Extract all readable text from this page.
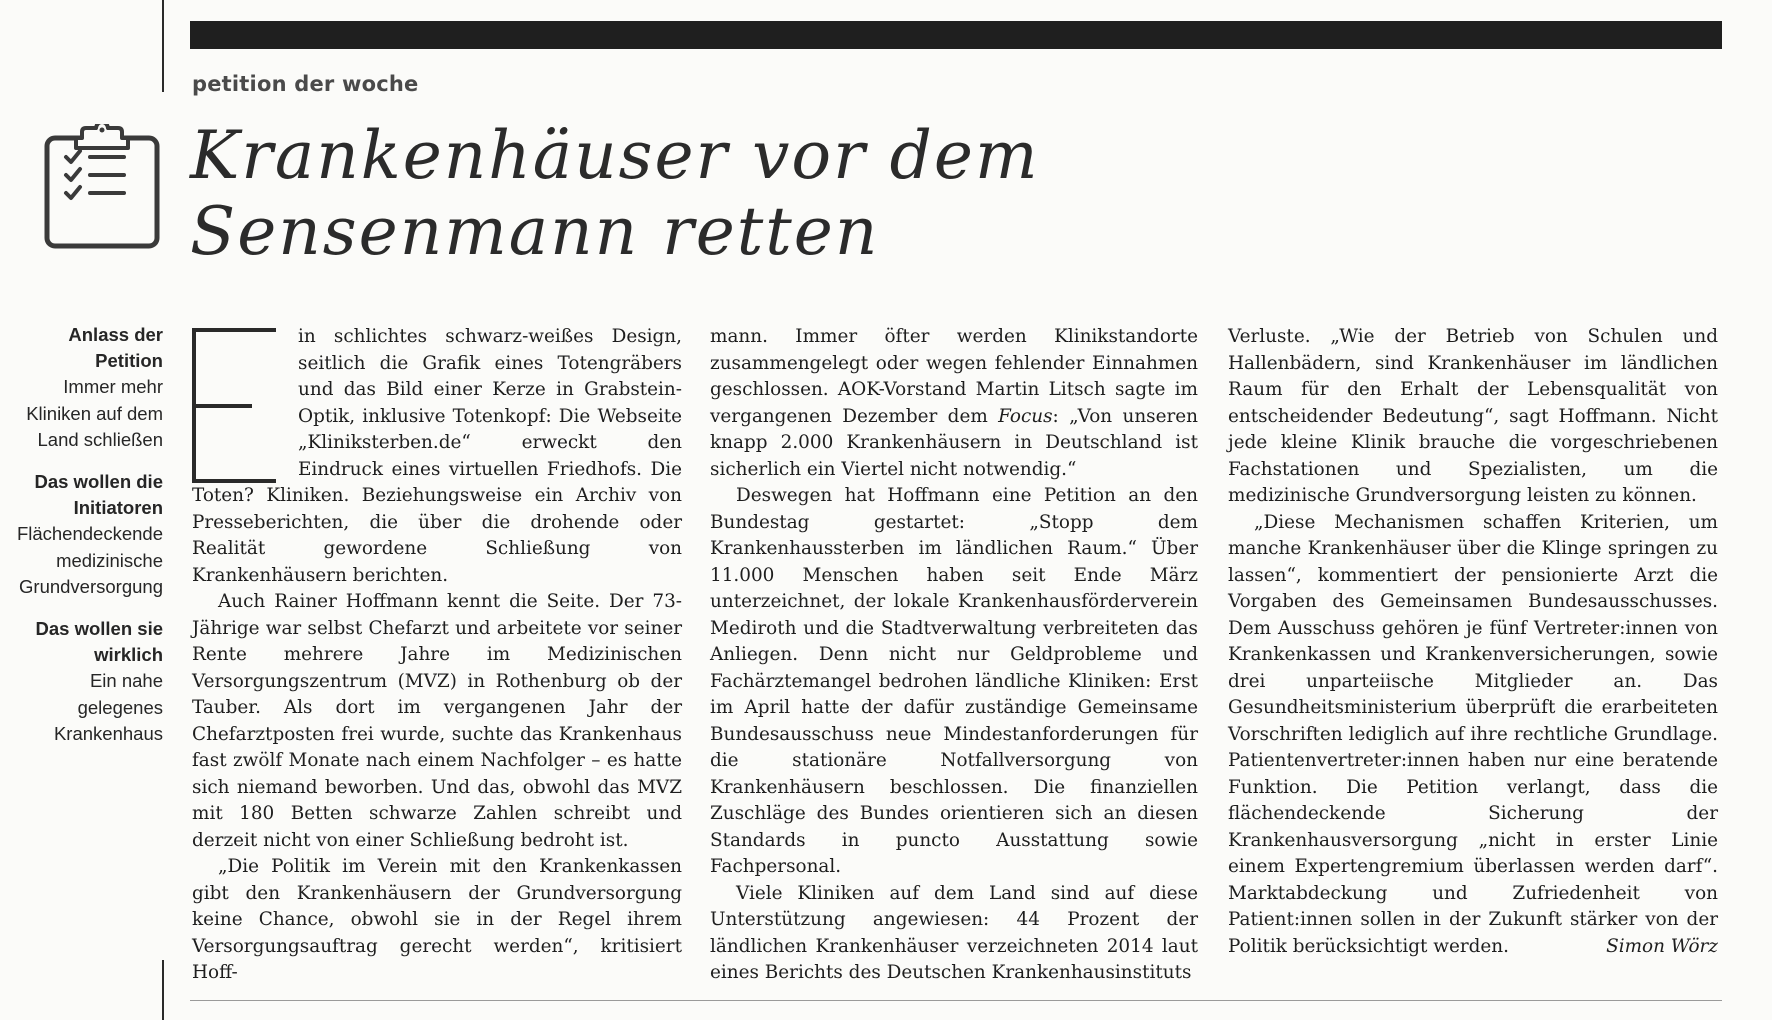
petition der woche
Krankenhäuser vor dem
Sensenmann retten
Anlass der Petition
Immer mehr Kliniken auf dem Land schließen
Das wollen die Initiatoren
Flächendeckende medizinische Grundversorgung
Das wollen sie wirklich
Ein nahe gelegenes Krankenhaus

in schlichtes schwarz-weißes Design, seitlich die Grafik eines Totengräbers und das Bild einer Kerze in Grabstein-Optik, inklusive Totenkopf: Die Webseite „Kliniksterben.de“ erweckt den Eindruck eines virtuellen Friedhofs. Die Toten? Kliniken. Beziehungsweise ein Archiv von Presseberichten, die über die drohende oder Realität gewordene Schließung von Krankenhäusern berichten.

Auch Rainer Hoffmann kennt die Seite. Der 73-Jährige war selbst Chefarzt und arbeitete vor seiner Rente mehrere Jahre im Medizinischen Versorgungszentrum (MVZ) in Rothenburg ob der Tauber. Als dort im vergangenen Jahr der Chefarztposten frei wurde, suchte das Krankenhaus fast zwölf Monate nach einem Nachfolger – es hatte sich niemand beworben. Und das, obwohl das MVZ mit 180 Betten schwarze Zahlen schreibt und derzeit nicht von einer Schließung bedroht ist.

„Die Politik im Verein mit den Krankenkassen gibt den Krankenhäusern der Grundversorgung keine Chance, obwohl sie in der Regel ihrem Versorgungsauftrag gerecht werden“, kritisiert Hoff-

mann. Immer öfter werden Klinikstandorte zusammengelegt oder wegen fehlender Einnahmen geschlossen. AOK-Vorstand Martin Litsch sagte im vergangenen Dezember dem Focus: „Von unseren knapp 2.000 Krankenhäusern in Deutschland ist sicherlich ein Viertel nicht notwendig.“

Deswegen hat Hoffmann eine Petition an den Bundestag gestartet: „Stopp dem Krankenhaussterben im ländlichen Raum.“ Über 11.000 Menschen haben seit Ende März unterzeichnet, der lokale Krankenhausförderverein Mediroth und die Stadtverwaltung verbreiteten das Anliegen. Denn nicht nur Geldprobleme und Fachärztemangel bedrohen ländliche Kliniken: Erst im April hatte der dafür zuständige Gemeinsame Bundesausschuss neue Mindestanforderungen für die stationäre Notfallversorgung von Krankenhäusern beschlossen. Die finanziellen Zuschläge des Bundes orientieren sich an diesen Standards in puncto Ausstattung sowie Fachpersonal.

Viele Kliniken auf dem Land sind auf diese Unterstützung angewiesen: 44 Prozent der ländlichen Krankenhäuser verzeichneten 2014 laut eines Berichts des Deutschen Krankenhausinstituts

Verluste. „Wie der Betrieb von Schulen und Hallenbädern, sind Krankenhäuser im ländlichen Raum für den Erhalt der Lebensqualität von entscheidender Bedeutung“, sagt Hoffmann. Nicht jede kleine Klinik brauche die vorgeschriebenen Fachstationen und Spezialisten, um die medizinische Grundversorgung leisten zu können.

„Diese Mechanismen schaffen Kriterien, um manche Krankenhäuser über die Klinge springen zu lassen“, kommentiert der pensionierte Arzt die Vorgaben des Gemeinsamen Bundesausschusses. Dem Ausschuss gehören je fünf Vertreter:innen von Krankenkassen und Krankenversicherungen, sowie drei unparteiische Mitglieder an. Das Gesundheitsministerium überprüft die erarbeiteten Vorschriften lediglich auf ihre rechtliche Grundlage. Patientenvertreter:innen haben nur eine beratende Funktion. Die Petition verlangt, dass die flächendeckende Sicherung der Krankenhausversorgung „nicht in erster Linie einem Expertengremium überlassen werden darf“. Marktabdeckung und Zufriedenheit von Patient:innen sollen in der Zukunft stärker von der Politik berücksichtigt werden.	Simon Wörz
